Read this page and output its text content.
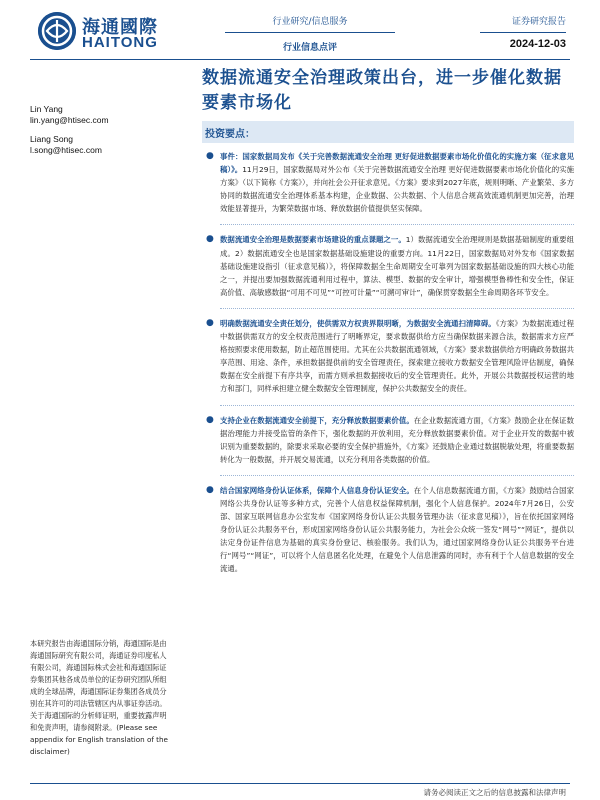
海通國際
HAITONG
行业研究/信息服务
行业信息点评
证券研究报告
2024-12-03
数据流通安全治理政策出台，进一步催化数据要素市场化
Lin Yang
lin.yang@htisec.com
Liang Song
l.song@htisec.com
投资要点：
● 事件：国家数据局发布《关于完善数据流通安全治理 更好促进数据要素市场化价值化的实施方案（征求意见稿）》。11月29日，国家数据局对外公布《关于完善数据流通安全治理 更好促进数据要素市场化价值化的实施方案》（以下简称《方案》），并向社会公开征求意见。《方案》要求到2027年底，规则明晰、产业繁荣、多方协同的数据流通安全治理体系基本构建，企业数据、公共数据、个人信息合规高效流通机制更加完善，治理效能显著提升，为繁荣数据市场、释放数据价值提供坚实保障。
● 数据流通安全治理是数据要素市场建设的重点课题之一。1）数据流通安全治理规则是数据基础制度的重要组成。2）数据流通安全也是国家数据基础设施建设的重要方向。11月22日，国家数据局对外发布《国家数据基础设施建设指引（征求意见稿）》，将保障数据全生命周期安全可靠列为国家数据基础设施的四大核心功能之一，并提出要加强数据流通利用过程中，算法、模型、数据的安全审计，增强模型鲁棒性和安全性，保证高价值、高敏感数据“可用不可见”“可控可计量”“可溯可审计”，确保贯穿数据全生命周期各环节安全。
● 明确数据流通安全责任划分，使供需双方权责界限明晰，为数据安全流通扫清障碍。《方案》为数据流通过程中数据供需双方的安全权责范围进行了明晰界定，要求数据供给方应当确保数据来源合法，数据需求方应严格按照要求使用数据，防止超范围使用。尤其在公共数据流通领域，《方案》要求数据供给方明确政务数据共享范围、用途、条件，承担数据提供前的安全管理责任，探索建立接收方数据安全管理风险评估制度，确保数据在安全前提下有序共享，而需方则承担数据接收后的安全管理责任。此外，开展公共数据授权运营的地方和部门，同样承担建立健全数据安全管理制度，保护公共数据安全的责任。
● 支持企业在数据流通安全前提下，充分释放数据要素价值。在企业数据流通方面，《方案》鼓励企业在保证数据治理能力并接受监管的条件下，强化数据的开放利用，充分释放数据要素价值。对于企业开发的数据中被识别为重要数据的，除要求采取必要的安全保护措施外，《方案》还鼓励企业通过数据脱敏处理，将重要数据转化为一般数据，并开展交易流通，以充分利用各类数据的价值。
● 结合国家网络身份认证体系，保障个人信息身份认证安全。在个人信息数据流通方面，《方案》鼓励结合国家网络公共身份认证等多种方式，完善个人信息权益保障机制，强化个人信息保护。2024年7月26日，公安部、国家互联网信息办公室发布《国家网络身份认证公共服务管理办法（征求意见稿）》，旨在依托国家网络身份认证公共服务平台，形成国家网络身份认证公共服务能力，为社会公众统一签发“网号”“网证”，提供以法定身份证件信息为基础的真实身份登记、核验服务。我们认为，通过国家网络身份认证公共服务平台进行“网号”“网证”，可以将个人信息匿名化处理，在避免个人信息泄露的同时，亦有利于个人信息数据的安全流通。
本研究报告由海通国际分销，海通国际是由海通国际研究有限公司，海通证券印度私人有限公司，海通国际株式会社和海通国际证券集团其他各成员单位的证券研究团队所组成的全球品牌，海通国际证券集团各成员分别在其许可的司法管辖区内从事证券活动。关于海通国际的分析师证明，重要披露声明和免责声明，请参阅附录。(Please see appendix for English translation of the disclaimer)
请务必阅读正文之后的信息披露和法律声明
